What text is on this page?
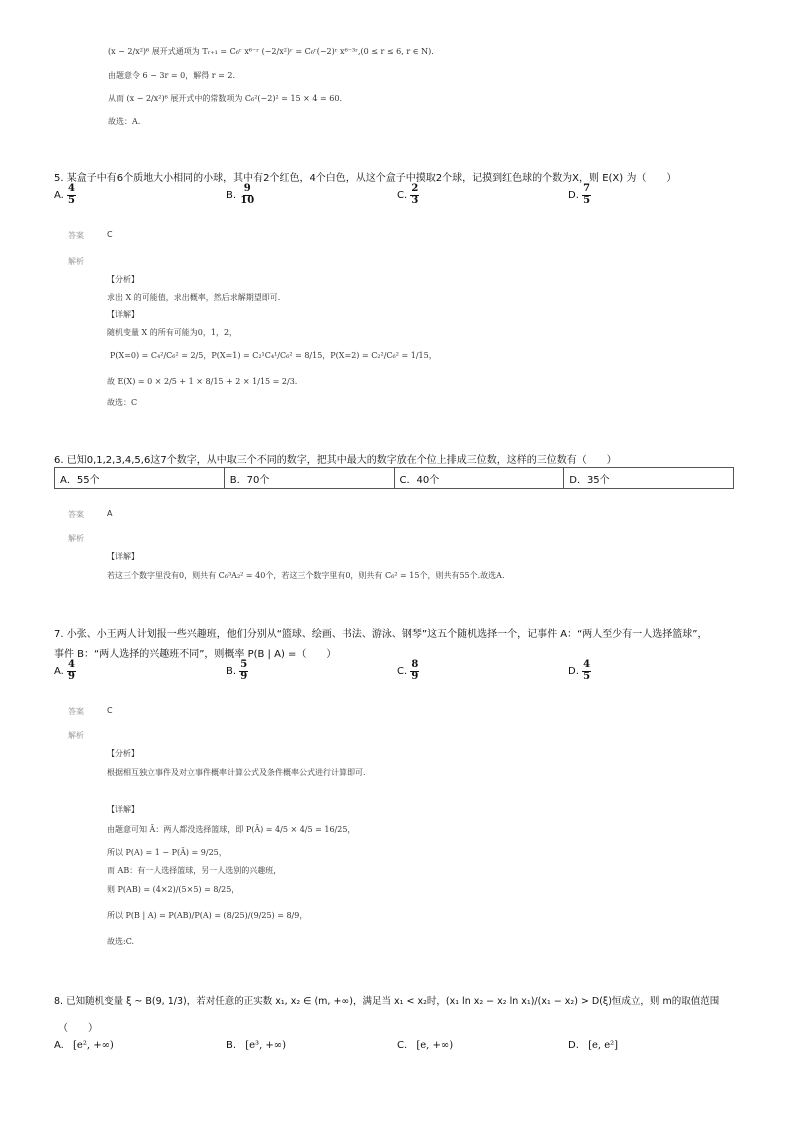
(x − 2/x²)⁶ 展开式通项为 Tᵣ₊₁ = C₆ʳ x⁶⁻ʳ (−2/x²)ʳ = C₆ʳ(−2)ʳ x⁶⁻³ʳ,(0 ≤ r ≤ 6, r ∈ N).
由题意令 6 − 3r = 0，解得 r = 2.
从而 (x − 2/x²)⁶ 展开式中的常数项为 C₆²(−2)² = 15 × 4 = 60.
故选：A.
5. 某盒子中有6个质地大小相同的小球，其中有2个红色，4个白色，从这个盒子中摸取2个球，记摸到红色球的个数为X，则 E(X) 为（　　）
A. $\frac{4}{5}$	B. $\frac{9}{10}$	C. $\frac{2}{3}$	D. $\frac{7}{5}$
答案	C
解析
【分析】
求出 X 的可能值，求出概率，然后求解期望即可.
【详解】
随机变量 X 的所有可能为0，1，2，
P(X=0) = C₄²/C₆² = 2/5，P(X=1) = C₂¹C₄¹/C₆² = 8/15，P(X=2) = C₂²/C₆² = 1/15，
故 E(X) = 0 × 2/5 + 1 × 8/15 + 2 × 1/15 = 2/3.
故选：C
6. 已知0,1,2,3,4,5,6这7个数字，从中取三个不同的数字，把其中最大的数字放在个位上排成三位数，这样的三位数有（　　）
A．55个	B．70个	C．40个	D．35个
答案	A
解析
【详解】
若这三个数字里没有0，则共有 C₆³A₂² = 40个，若这三个数字里有0，则共有 C₆² = 15个，则共有55个.故选A.
7. 小张、小王两人计划报一些兴趣班，他们分别从“篮球、绘画、书法、游泳、钢琴”这五个随机选择一个，记事件 A：“两人至少有一人选择篮球”，
事件 B：“两人选择的兴趣班不同”，则概率 P(B | A) =（　　）
A. $\frac{4}{9}$	B. $\frac{5}{9}$	C. $\frac{8}{9}$	D. $\frac{4}{5}$
答案	C
解析
【分析】
根据相互独立事件及对立事件概率计算公式及条件概率公式进行计算即可.
【详解】
由题意可知 Ā：两人都没选择篮球，即 P(Ā) = 4/5 × 4/5 = 16/25，
所以 P(A) = 1 − P(Ā) = 9/25，
而 AB：有一人选择篮球，另一人选别的兴趣班，
则 P(AB) = (4×2)/(5×5) = 8/25，
所以 P(B | A) = P(AB)/P(A) = (8/25)/(9/25) = 8/9，
故选:C.
8. 已知随机变量 ξ ~ B(9, 1/3)，若对任意的正实数 x₁, x₂ ∈ (m, +∞)，满足当 x₁ < x₂时，(x₁ ln x₂ − x₂ ln x₁)/(x₁ − x₂) > D(ξ)恒成立，则 m的取值范围
（　　）
A. [e², +∞)	B. [e³, +∞)	C. [e, +∞)	D. [e, e²]
